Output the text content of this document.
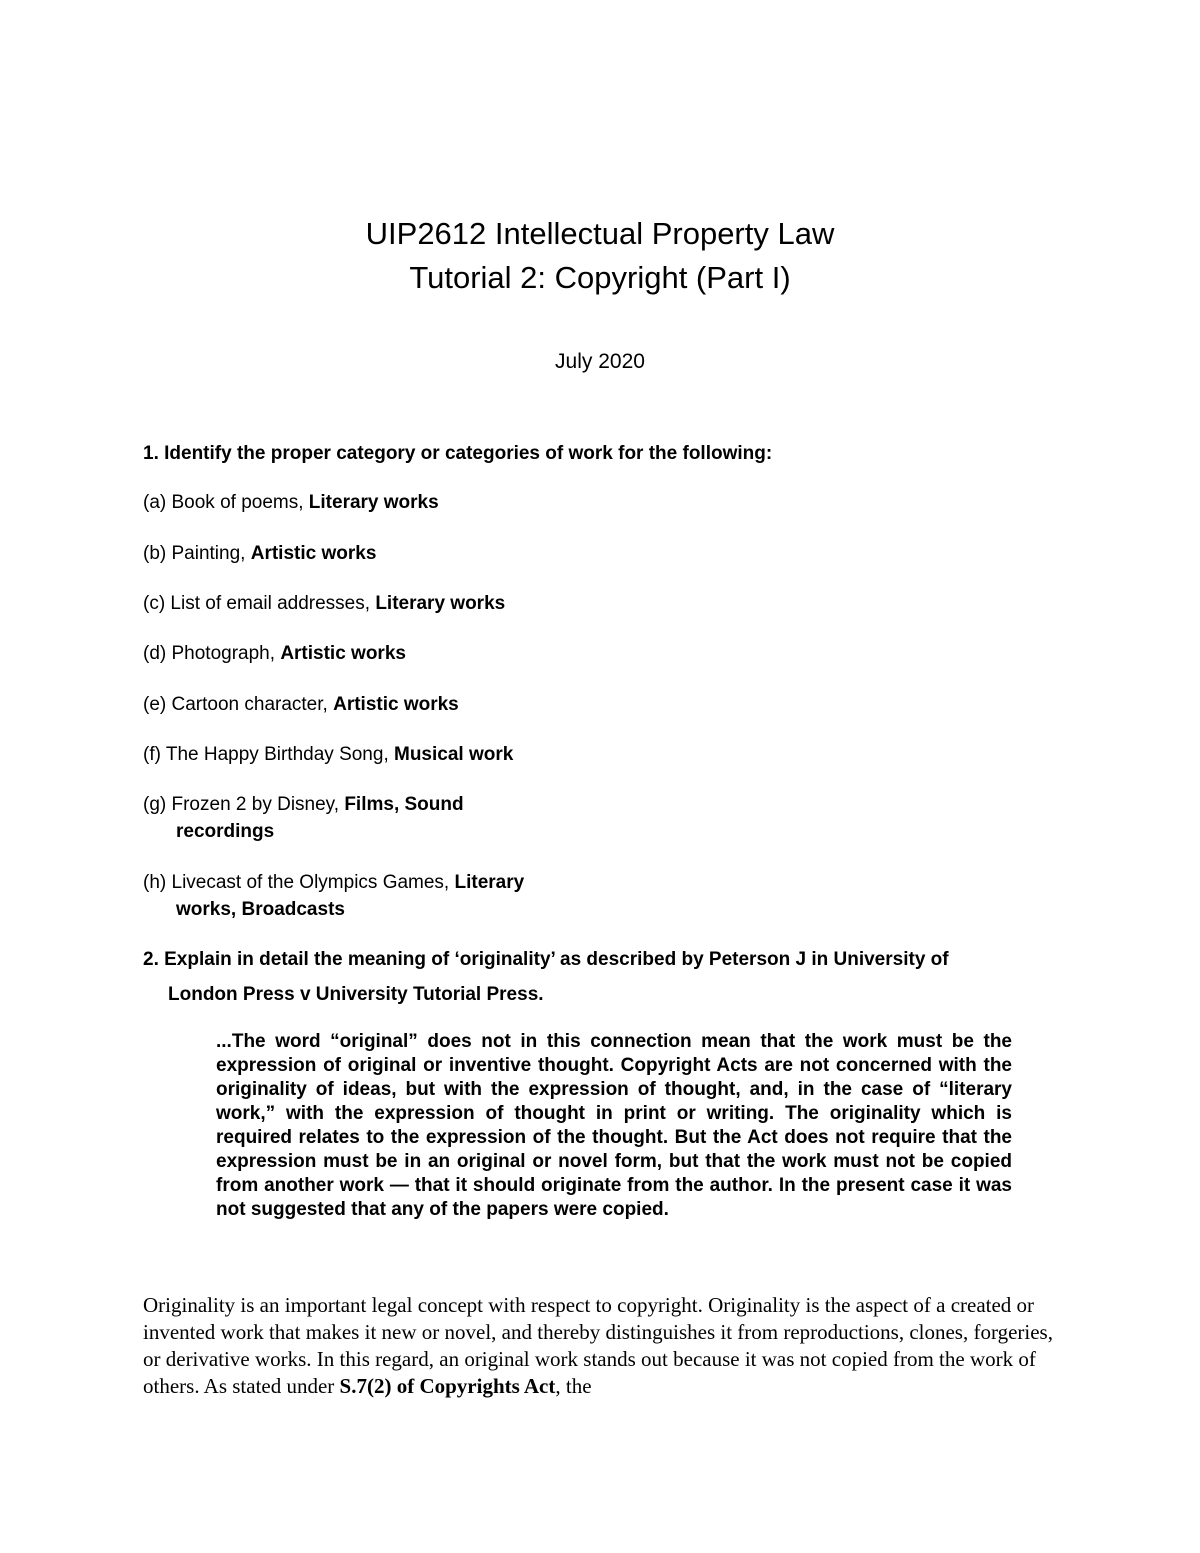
UIP2612 Intellectual Property Law
Tutorial 2: Copyright (Part I)
July 2020
1. Identify the proper category or categories of work for the following:
(a) Book of poems, Literary works
(b) Painting, Artistic works
(c) List of email addresses, Literary works
(d) Photograph, Artistic works
(e) Cartoon character, Artistic works
(f) The Happy Birthday Song, Musical work
(g) Frozen 2 by Disney, Films, Sound
recordings
(h) Livecast of the Olympics Games, Literary
works, Broadcasts
2. Explain in detail the meaning of ‘originality’ as described by Peterson J in University of
London Press v University Tutorial Press.
...The word “original” does not in this connection mean that the work must be the expression of original or inventive thought. Copyright Acts are not concerned with the originality of ideas, but with the expression of thought, and, in the case of “literary work,” with the expression of thought in print or writing. The originality which is required relates to the expression of the thought. But the Act does not require that the expression must be in an original or novel form, but that the work must not be copied from another work — that it should originate from the author. In the present case it was not suggested that any of the papers were copied.
Originality is an important legal concept with respect to copyright. Originality is the aspect of a created or invented work that makes it new or novel, and thereby distinguishes it from reproductions, clones, forgeries, or derivative works. In this regard, an original work stands out because it was not copied from the work of others. As stated under S.7(2) of Copyrights Act, the
